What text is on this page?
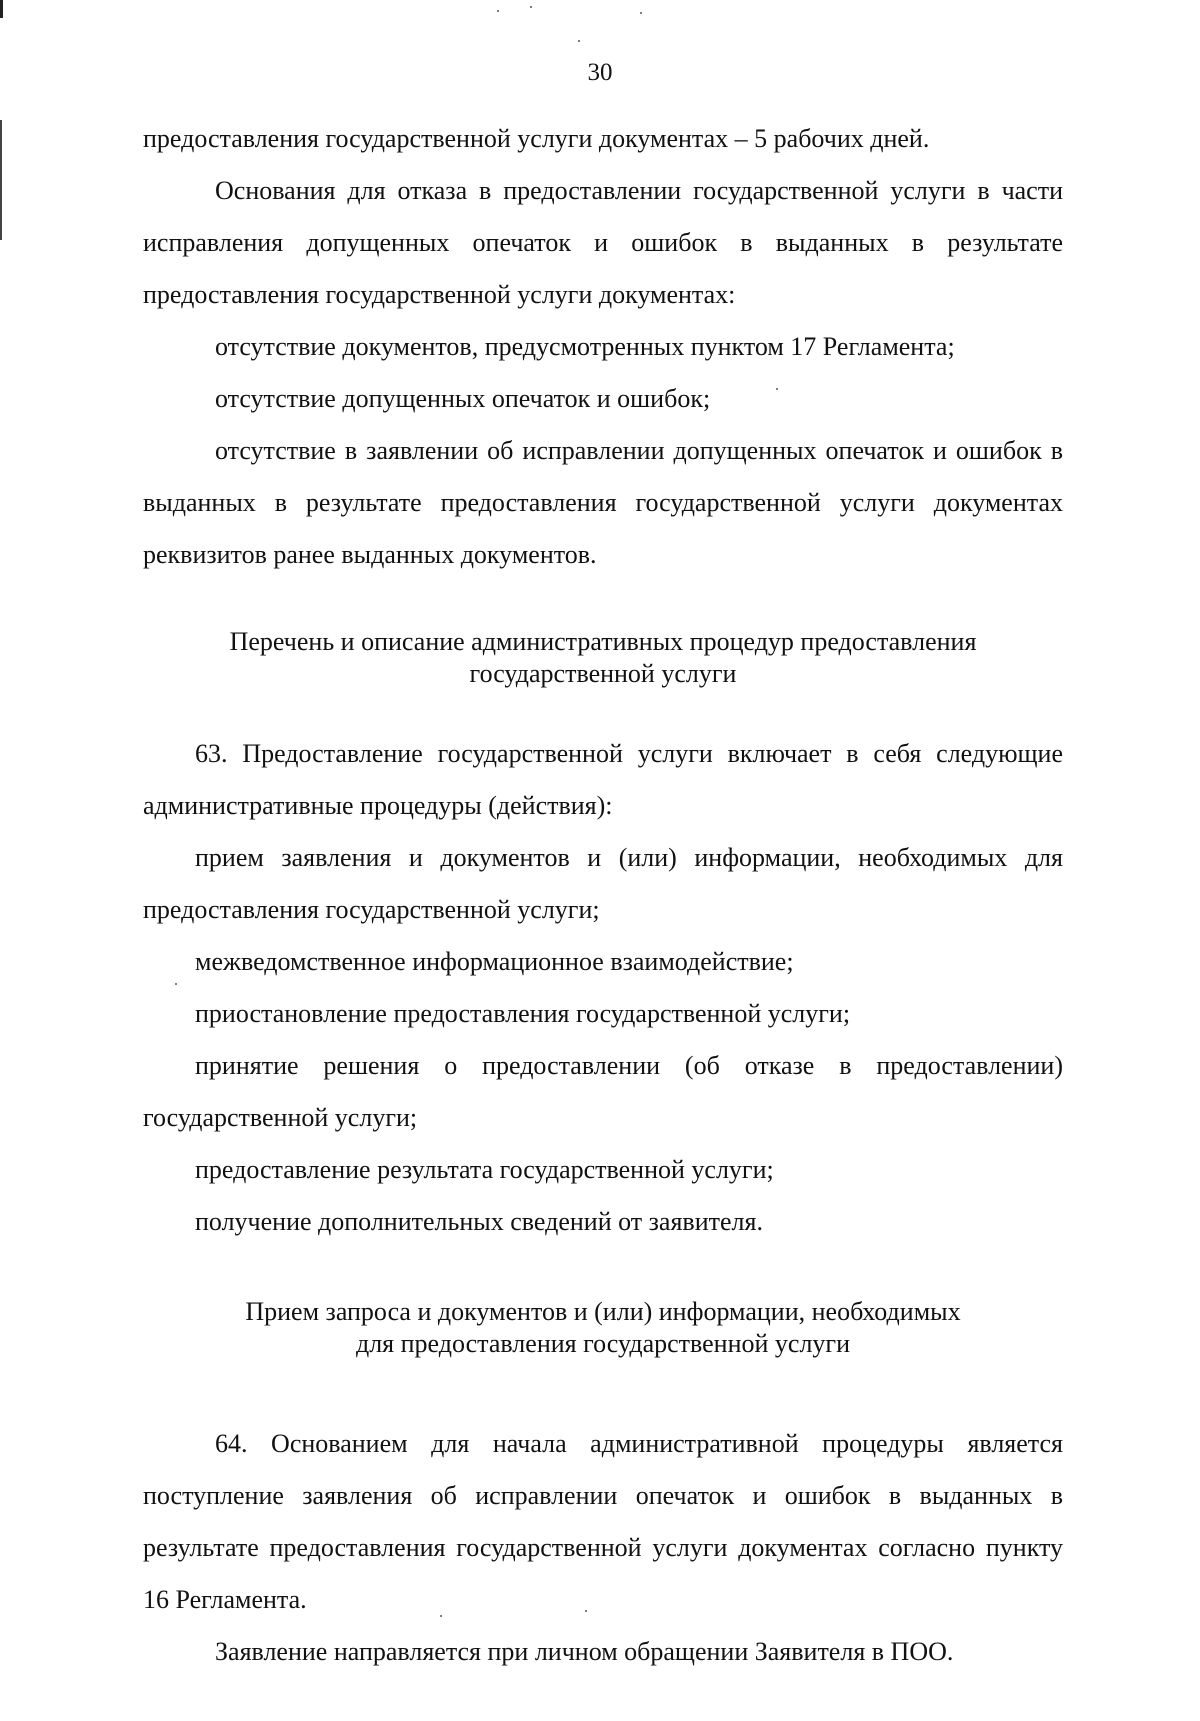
30

предоставления государственной услуги документах – 5 рабочих дней.

Основания для отказа в предоставлении государственной услуги в части исправления допущенных опечаток и ошибок в выданных в результате предоставления государственной услуги документах:

отсутствие документов, предусмотренных пунктом 17 Регламента;

отсутствие допущенных опечаток и ошибок;

отсутствие в заявлении об исправлении допущенных опечаток и ошибок в выданных в результате предоставления государственной услуги документах реквизитов ранее выданных документов.

Перечень и описание административных процедур предоставления
государственной услуги

63. Предоставление государственной услуги включает в себя следующие административные процедуры (действия):

прием заявления и документов и (или) информации, необходимых для предоставления государственной услуги;

межведомственное информационное взаимодействие;

приостановление предоставления государственной услуги;

принятие решения о предоставлении (об отказе в предоставлении) государственной услуги;

предоставление результата государственной услуги;

получение дополнительных сведений от заявителя.

Прием запроса и документов и (или) информации, необходимых
для предоставления государственной услуги

64. Основанием для начала административной процедуры является поступление заявления об исправлении опечаток и ошибок в выданных в результате предоставления государственной услуги документах согласно пункту 16 Регламента.

Заявление направляется при личном обращении Заявителя в ПОО.
